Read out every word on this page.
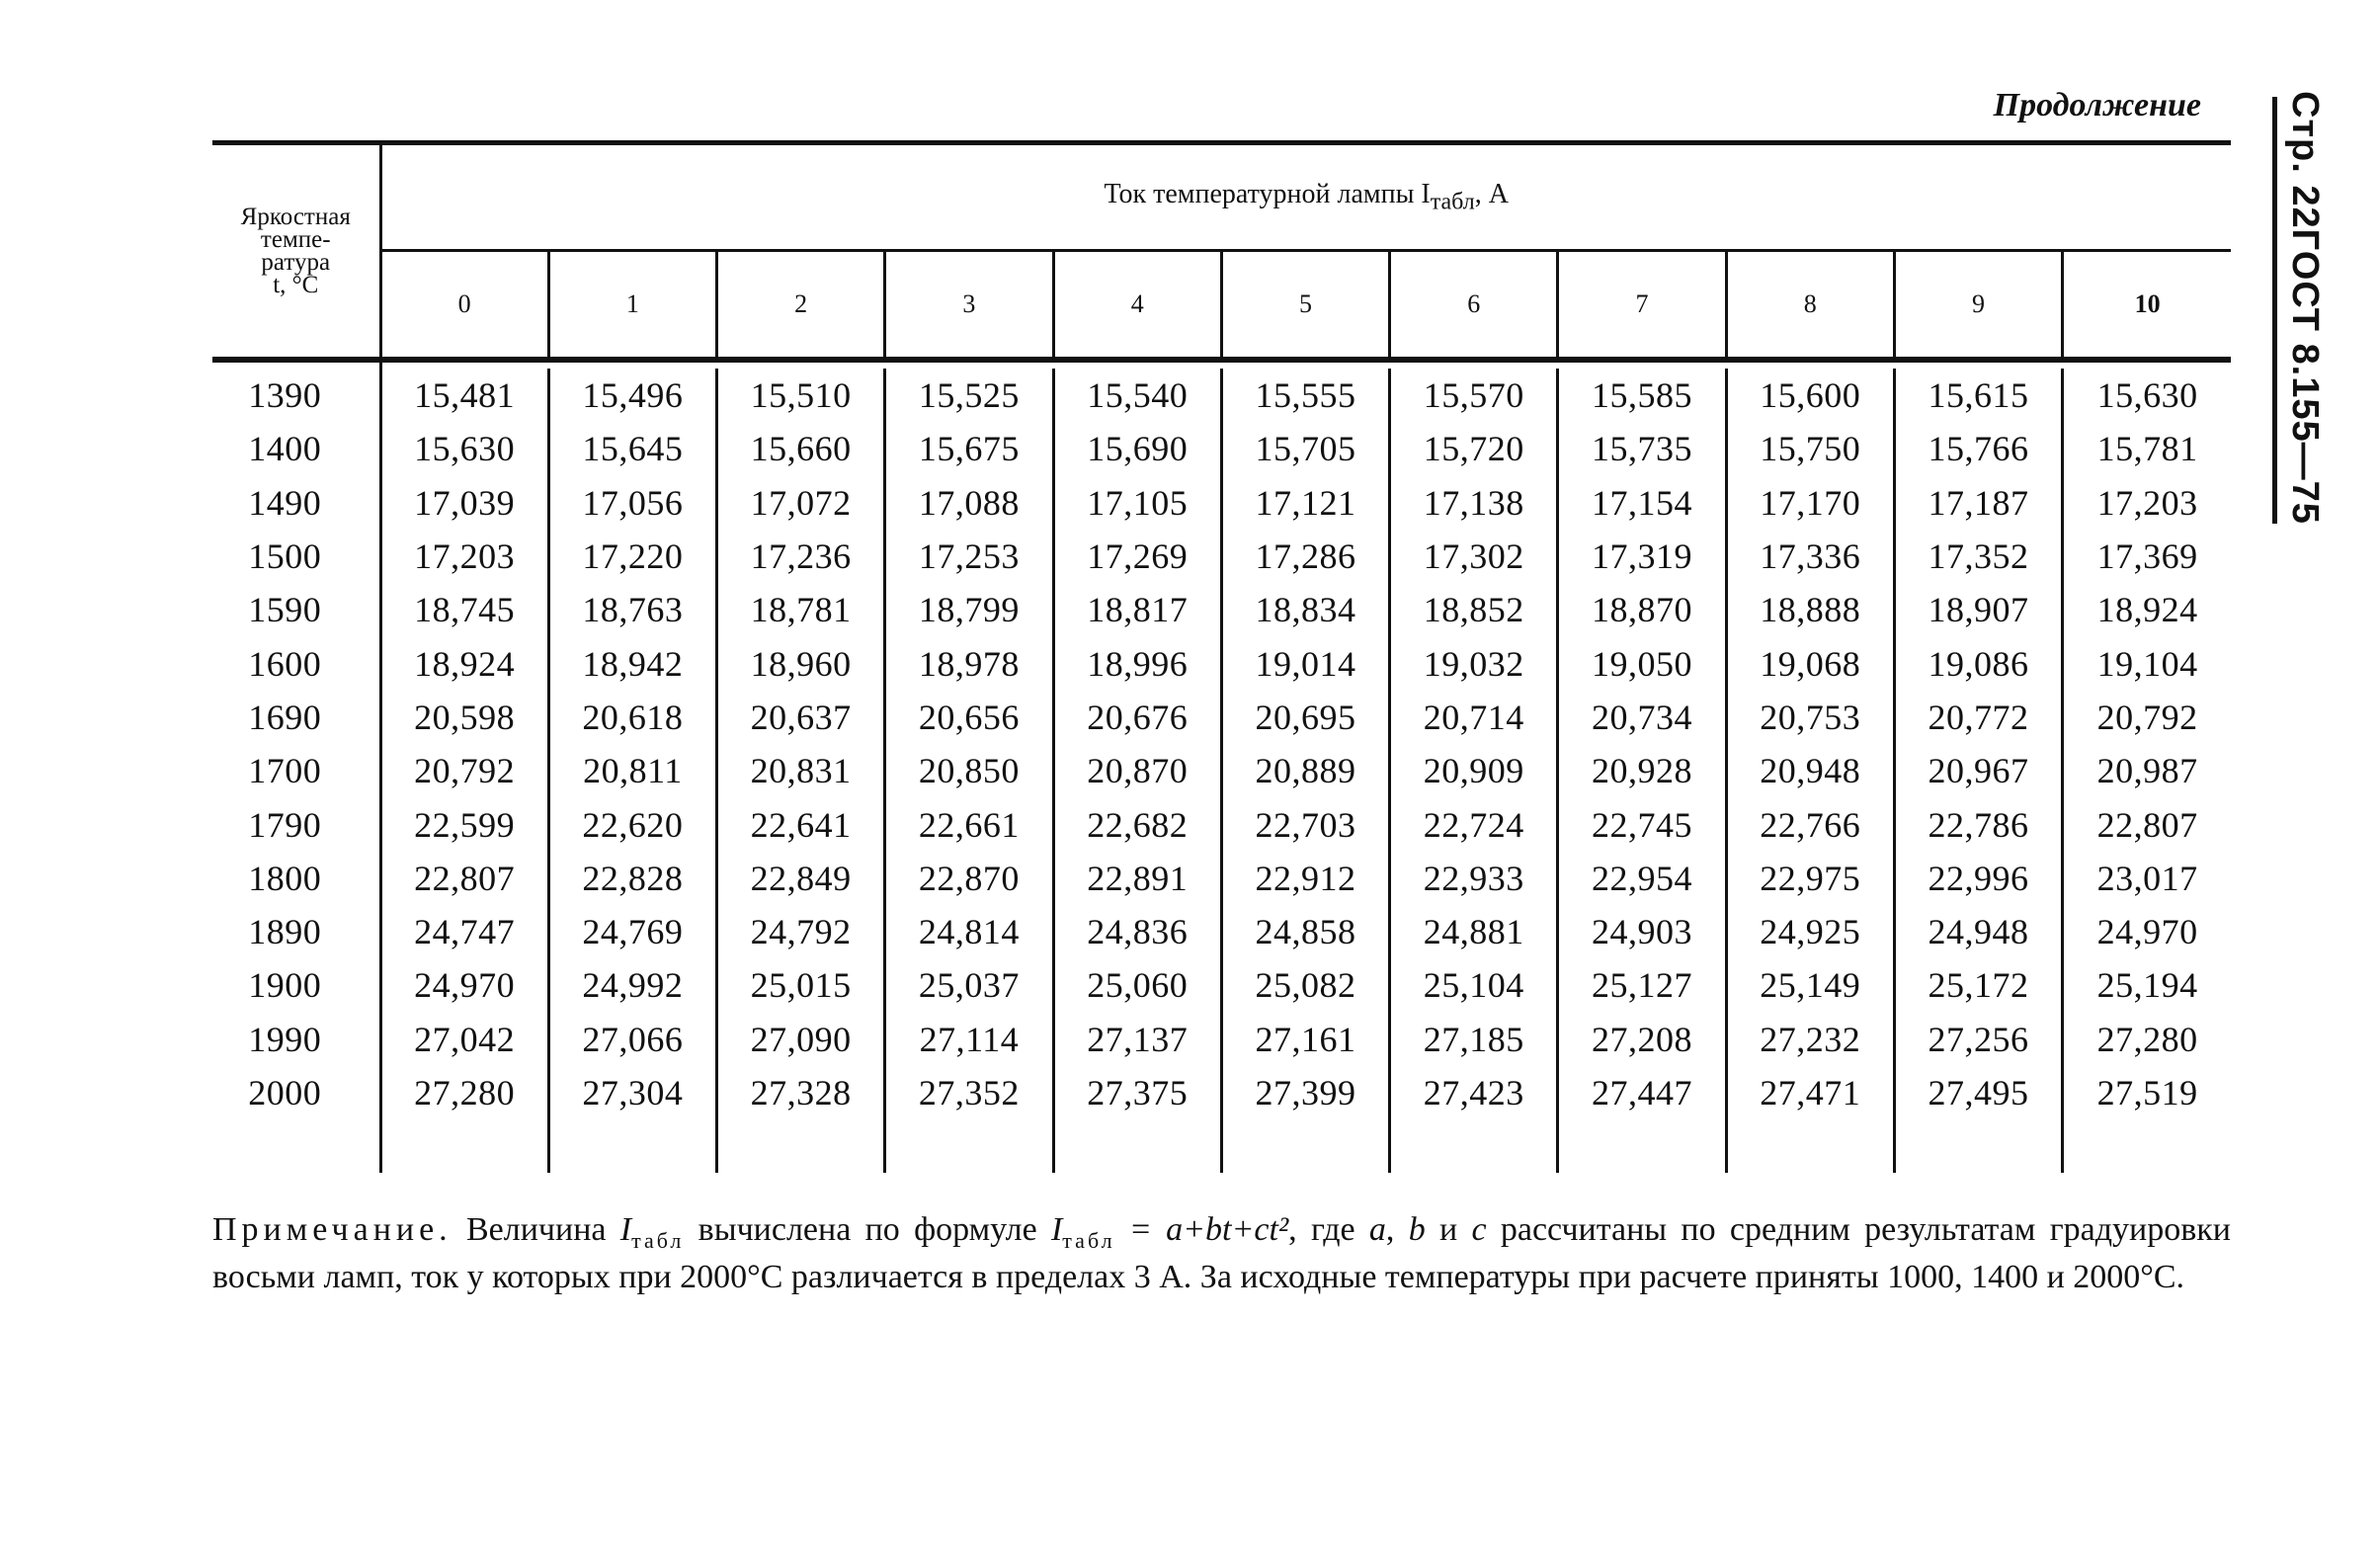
Продолжение Стр. 22ГОСТ 8.155—75
Яркостная
темпе-
ратура
t, °C	Ток температурной лампы $I_{табл}$, А										
	0	1	2	3	4	5	6	7	8	9	10

1390	15,481	15,496	15,510	15,525	15,540	15,555	15,570	15,585	15,600	15,615	15,630
1400	15,630	15,645	15,660	15,675	15,690	15,705	15,720	15,735	15,750	15,766	15,781
1490	17,039	17,056	17,072	17,088	17,105	17,121	17,138	17,154	17,170	17,187	17,203
1500	17,203	17,220	17,236	17,253	17,269	17,286	17,302	17,319	17,336	17,352	17,369
1590	18,745	18,763	18,781	18,799	18,817	18,834	18,852	18,870	18,888	18,907	18,924
1600	18,924	18,942	18,960	18,978	18,996	19,014	19,032	19,050	19,068	19,086	19,104
1690	20,598	20,618	20,637	20,656	20,676	20,695	20,714	20,734	20,753	20,772	20,792
1700	20,792	20,811	20,831	20,850	20,870	20,889	20,909	20,928	20,948	20,967	20,987
1790	22,599	22,620	22,641	22,661	22,682	22,703	22,724	22,745	22,766	22,786	22,807
1800	22,807	22,828	22,849	22,870	22,891	22,912	22,933	22,954	22,975	22,996	23,017
1890	24,747	24,769	24,792	24,814	24,836	24,858	24,881	24,903	24,925	24,948	24,970
1900	24,970	24,992	25,015	25,037	25,060	25,082	25,104	25,127	25,149	25,172	25,194
1990	27,042	27,066	27,090	27,114	27,137	27,161	27,185	27,208	27,232	27,256	27,280
2000	27,280	27,304	27,328	27,352	27,375	27,399	27,423	27,447	27,471	27,495	27,519

Примечание. Величина $I_{табл}$ вычислена по формуле $I_{табл} = a+bt+ct^2$, где a, b и c рассчитаны по средним результатам градуировки восьми ламп, ток у которых при 2000°С различается в пределах 3 А. За исходные температуры при расчете приняты 1000, 1400 и 2000°С.
